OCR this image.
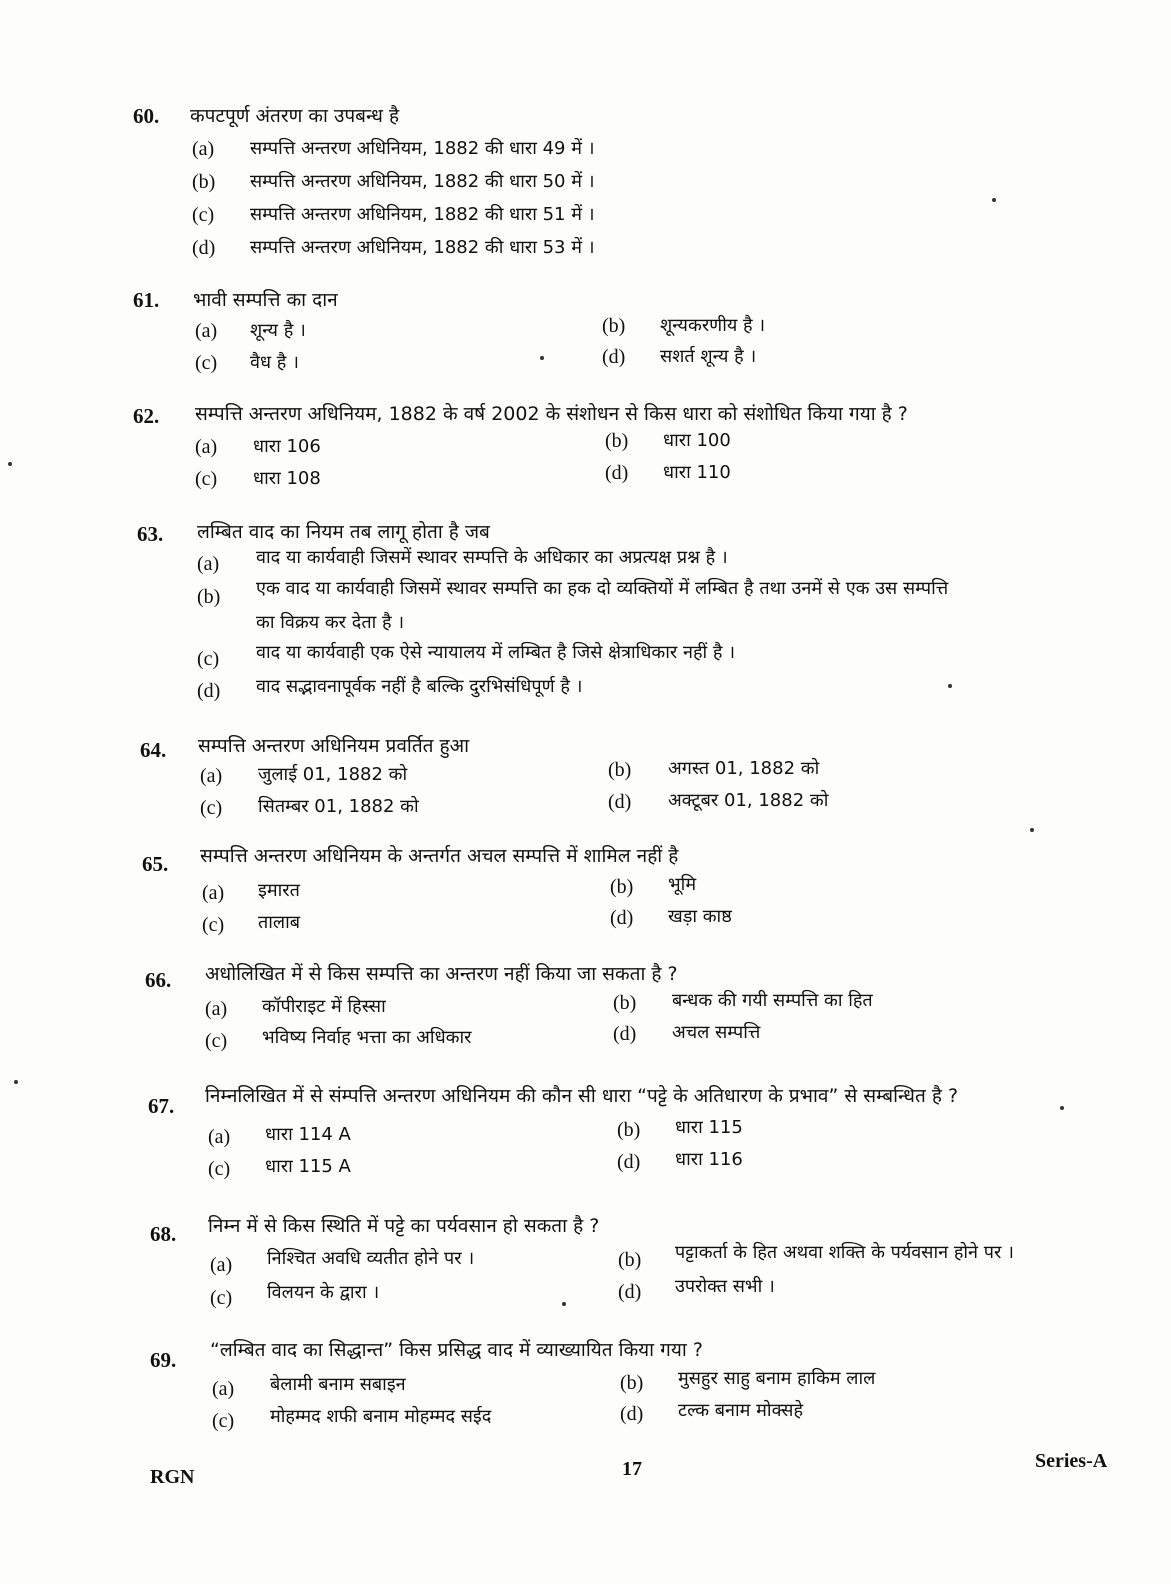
60. कपटपूर्ण अंतरण का उपबन्ध है
(a) सम्पत्ति अन्तरण अधिनियम, 1882 की धारा 49 में ।
(b) सम्पत्ति अन्तरण अधिनियम, 1882 की धारा 50 में ।
(c) सम्पत्ति अन्तरण अधिनियम, 1882 की धारा 51 में ।
(d) सम्पत्ति अन्तरण अधिनियम, 1882 की धारा 53 में ।
61. भावी सम्पत्ति का दान
(a) शून्य है ।	(b) शून्यकरणीय है ।
(c) वैध है ।	(d) सशर्त शून्य है ।
62. सम्पत्ति अन्तरण अधिनियम, 1882 के वर्ष 2002 के संशोधन से किस धारा को संशोधित किया गया है ?
(a) धारा 106	(b) धारा 100
(c) धारा 108	(d) धारा 110
63. लम्बित वाद का नियम तब लागू होता है जब
(a) वाद या कार्यवाही जिसमें स्थावर सम्पत्ति के अधिकार का अप्रत्यक्ष प्रश्न है ।
(b) एक वाद या कार्यवाही जिसमें स्थावर सम्पत्ति का हक दो व्यक्तियों में लम्बित है तथा उनमें से एक उस सम्पत्ति
का विक्रय कर देता है ।
(c) वाद या कार्यवाही एक ऐसे न्यायालय में लम्बित है जिसे क्षेत्राधिकार नहीं है ।
(d) वाद सद्भावनापूर्वक नहीं है बल्कि दुरभिसंधिपूर्ण है ।
64. सम्पत्ति अन्तरण अधिनियम प्रवर्तित हुआ
(a) जुलाई 01, 1882 को	(b) अगस्त 01, 1882 को
(c) सितम्बर 01, 1882 को	(d) अक्टूबर 01, 1882 को
65. सम्पत्ति अन्तरण अधिनियम के अन्तर्गत अचल सम्पत्ति में शामिल नहीं है
(a) इमारत	(b) भूमि
(c) तालाब	(d) खड़ा काष्ठ
66. अधोलिखित में से किस सम्पत्ति का अन्तरण नहीं किया जा सकता है ?
(a) कॉपीराइट में हिस्सा	(b) बन्धक की गयी सम्पत्ति का हित
(c) भविष्य निर्वाह भत्ता का अधिकार	(d) अचल सम्पत्ति
67. निम्नलिखित में से संम्पत्ति अन्तरण अधिनियम की कौन सी धारा “पट्टे के अतिधारण के प्रभाव” से सम्बन्धित है ?
(a) धारा 114 A	(b) धारा 115
(c) धारा 115 A	(d) धारा 116
68. निम्न में से किस स्थिति में पट्टे का पर्यवसान हो सकता है ?
(a) निश्चित अवधि व्यतीत होने पर ।	(b) पट्टाकर्ता के हित अथवा शक्ति के पर्यवसान होने पर ।
(c) विलयन के द्वारा ।	(d) उपरोक्त सभी ।
69. “लम्बित वाद का सिद्धान्त” किस प्रसिद्ध वाद में व्याख्यायित किया गया ?
(a) बेलामी बनाम सबाइन	(b) मुसहुर साहु बनाम हाकिम लाल
(c) मोहम्मद शफी बनाम मोहम्मद सईद	(d) टल्क बनाम मोक्सहे
RGN	17	Series-A
